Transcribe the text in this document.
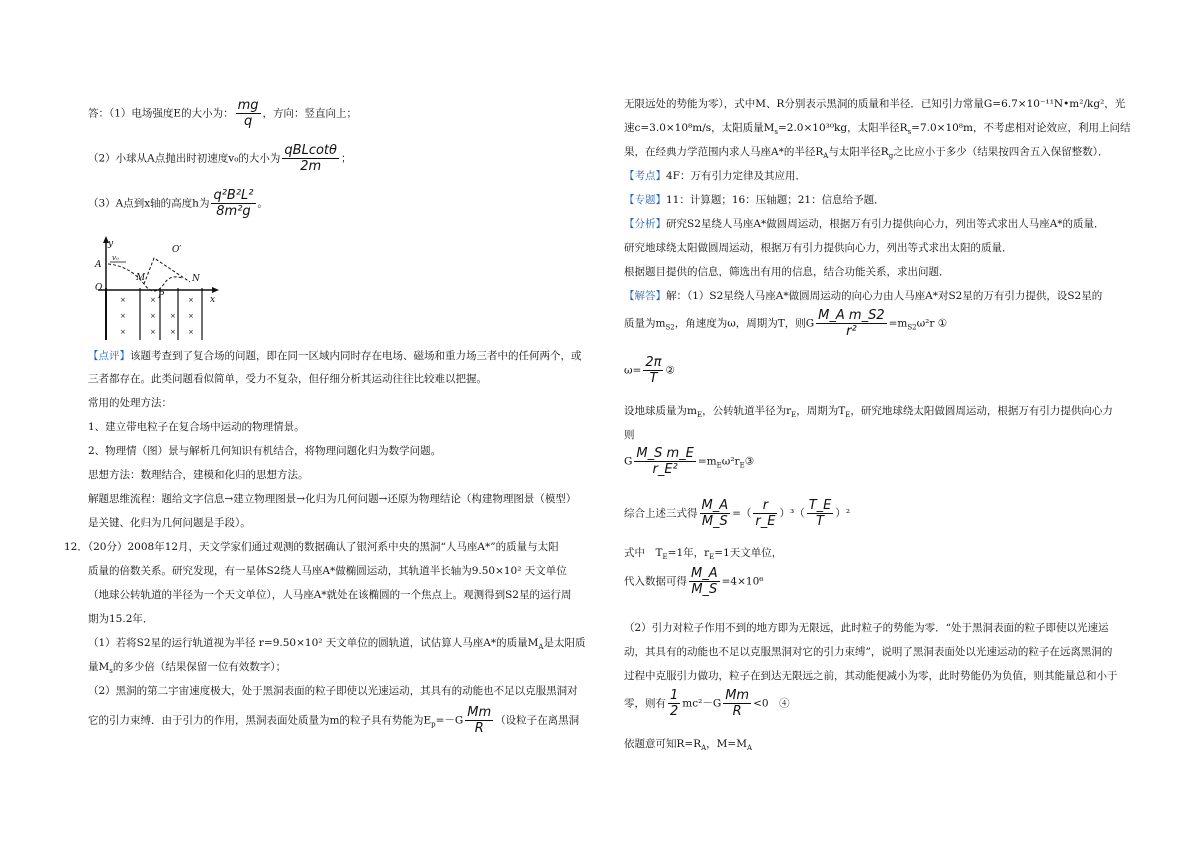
答：（1）电场强度E的大小为： $\frac{mg}{q}$ ，方向：竖直向上；
（2）小球从A点抛出时初速度v₀的大小为 $\frac{\text{qBLcotθ}}{2m}$ ；
（3）A点到x轴的高度h为 $\frac{\text{q²B²L²}}{\text{8m²g}}$ 。
×	×	×
×	× × ×
×	× × ×
y
x
A
O
v₀
M	N
O′
P
【点评】该题考查到了复合场的问题，即在同一区域内同时存在电场、磁场和重力场三者中的任何两个，或
三者都存在。此类问题看似简单，受力不复杂，但仔细分析其运动往往比较难以把握。
常用的处理方法：
1、建立带电粒子在复合场中运动的物理情景。
2、物理情（图）景与解析几何知识有机结合，将物理问题化归为数学问题。
思想方法：数理结合，建模和化归的思想方法。
解题思维流程：题给文字信息→建立物理图景→化归为几何问题→还原为物理结论（构建物理图景（模型）
是关键、化归为几何问题是手段）。
12．（20分）2008年12月，天文学家们通过观测的数据确认了银河系中央的黑洞“人马座A*”的质量与太阳
质量的倍数关系。研究发现，有一星体S2绕人马座A*做椭圆运动，其轨道半长轴为9.50×10² 天文单位
（地球公转轨道的半径为一个天文单位），人马座A*就处在该椭圆的一个焦点上。观测得到S2星的运行周
期为15.2年．
（1）若将S2星的运行轨道视为半径 r=9.50×10² 天文单位的圆轨道，试估算人马座A*的质量$M_A$是太阳质
量$M_s$的多少倍（结果保留一位有效数字）；
（2）黑洞的第二宇宙速度极大，处于黑洞表面的粒子即使以光速运动，其具有的动能也不足以克服黑洞对
它的引力束缚．由于引力的作用，黑洞表面处质量为m的粒子具有势能为$E_p=-G \frac{Mm}{R}$ （设粒子在离黑洞
无限远处的势能为零），式中M、R分别表示黑洞的质量和半径．已知引力常量G=6.7×10⁻¹¹N•m²/kg²，光
速c=3.0×10⁸m/s，太阳质量$M_s=2.0\times 10^{30}kg$，太阳半径$R_s=7.0\times 10^8m$，不考虑相对论效应，利用上问结
果，在经典力学范围内求人马座A*的半径$R_A$与太阳半径$R_g$之比应小于多少（结果按四舍五入保留整数）．
【考点】4F：万有引力定律及其应用．
【专题】11：计算题；16：压轴题；21：信息给予题．
【分析】研究S2星绕人马座A*做圆周运动，根据万有引力提供向心力，列出等式求出人马座A*的质量．
研究地球绕太阳做圆周运动，根据万有引力提供向心力，列出等式求出太阳的质量．
根据题目提供的信息，筛选出有用的信息，结合功能关系，求出问题．
【解答】解：（1）S2星绕人马座A*做圆周运动的向心力由人马座A*对S2星的万有引力提供，设S2星的
质量为$m_{S2}$，角速度为ω，周期为T，则G $\frac{\text{M\_A m\_S2}}{\text{r²}} =m_{S2}\omega^2r$ ①
$\omega= \frac{2\pi}{T}$ ②
设地球质量为$m_E$，公转轨道半径为$r_E$，周期为$T_E$，研究地球绕太阳做圆周运动，根据万有引力提供向心力
则
G $\frac{\text{M\_S m\_E}}{\text{r\_E²}}$ $=m_E\omega^2r_E③$
综合上述三式得 $\frac{M\_A}{M\_S}$ =（ $\frac{r}{r\_E} )^3( \frac{T\_E}{T} )^2$
式中　$T_E=1$年，$r_E=1$天文单位，
代入数据可得 $\frac{M\_A}{M\_S} =4\times 10^6$
（2）引力对粒子作用不到的地方即为无限远，此时粒子的势能为零．“处于黑洞表面的粒子即使以光速运
动，其具有的动能也不足以克服黑洞对它的引力束缚”，说明了黑洞表面处以光速运动的粒子在远离黑洞的
过程中克服引力做功，粒子在到达无限远之前，其动能便减小为零，此时势能仍为负值，则其能量总和小于
零，则有 $\frac{1}{2} mc^2-G \frac{Mm}{R} <0$　④
依题意可知$R=R_A$，$M=M_A$
